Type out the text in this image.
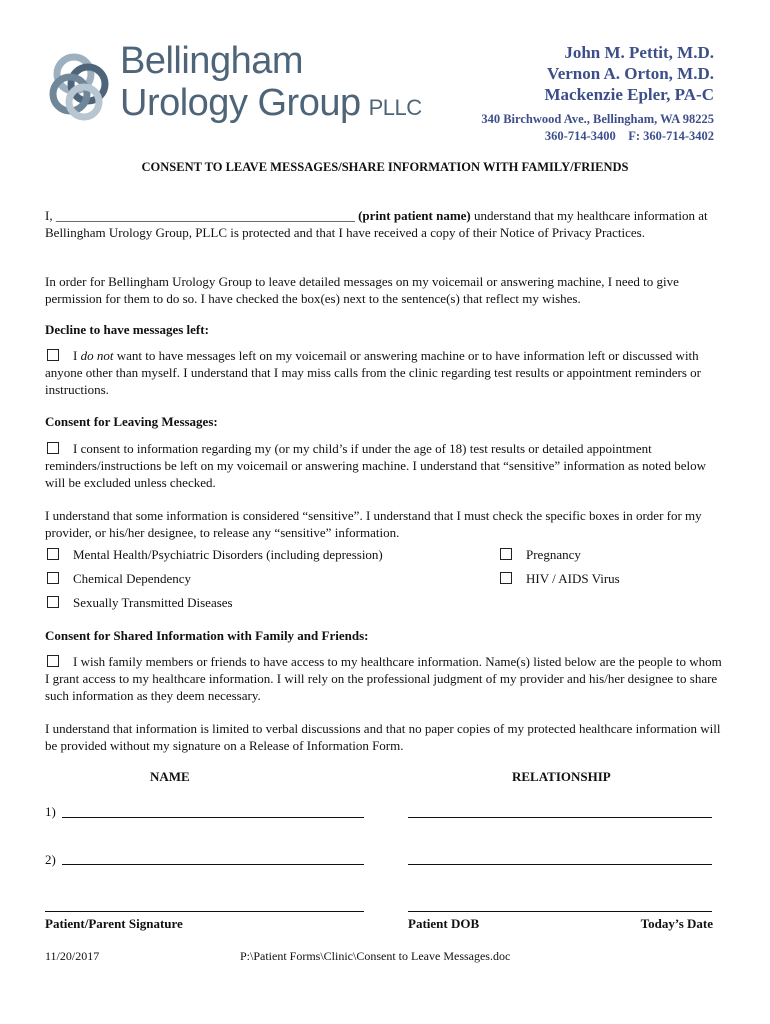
Bellingham
Urology Group PLLC
John M. Pettit, M.D.
Vernon A. Orton, M.D.
Mackenzie Epler, PA-C
340 Birchwood Ave., Bellingham, WA 98225
360-714-3400    F: 360-714-3402
CONSENT TO LEAVE MESSAGES/SHARE INFORMATION WITH FAMILY/FRIENDS
I, ______________________________________________ (print patient name) understand that my healthcare information at Bellingham Urology Group, PLLC is protected and that I have received a copy of their Notice of Privacy Practices.
In order for Bellingham Urology Group to leave detailed messages on my voicemail or answering machine, I need to give permission for them to do so. I have checked the box(es) next to the sentence(s) that reflect my wishes.
Decline to have messages left:
I do not want to have messages left on my voicemail or answering machine or to have information left or discussed with anyone other than myself. I understand that I may miss calls from the clinic regarding test results or appointment reminders or instructions.
Consent for Leaving Messages:
I consent to information regarding my (or my child’s if under the age of 18) test results or detailed appointment reminders/instructions be left on my voicemail or answering machine. I understand that “sensitive” information as noted below will be excluded unless checked.
I understand that some information is considered “sensitive”. I understand that I must check the specific boxes in order for my provider, or his/her designee, to release any “sensitive” information.
Mental Health/Psychiatric Disorders (including depression)	Pregnancy
Chemical Dependency	HIV / AIDS Virus
Sexually Transmitted Diseases
Consent for Shared Information with Family and Friends:
I wish family members or friends to have access to my healthcare information. Name(s) listed below are the people to whom I grant access to my healthcare information. I will rely on the professional judgment of my provider and his/her designee to share such information as they deem necessary.
I understand that information is limited to verbal discussions and that no paper copies of my protected healthcare information will be provided without my signature on a Release of Information Form.
NAME	RELATIONSHIP
1)
2)
Patient/Parent Signature	Patient DOB	Today’s Date
11/20/2017	P:\Patient Forms\Clinic\Consent to Leave Messages.doc
